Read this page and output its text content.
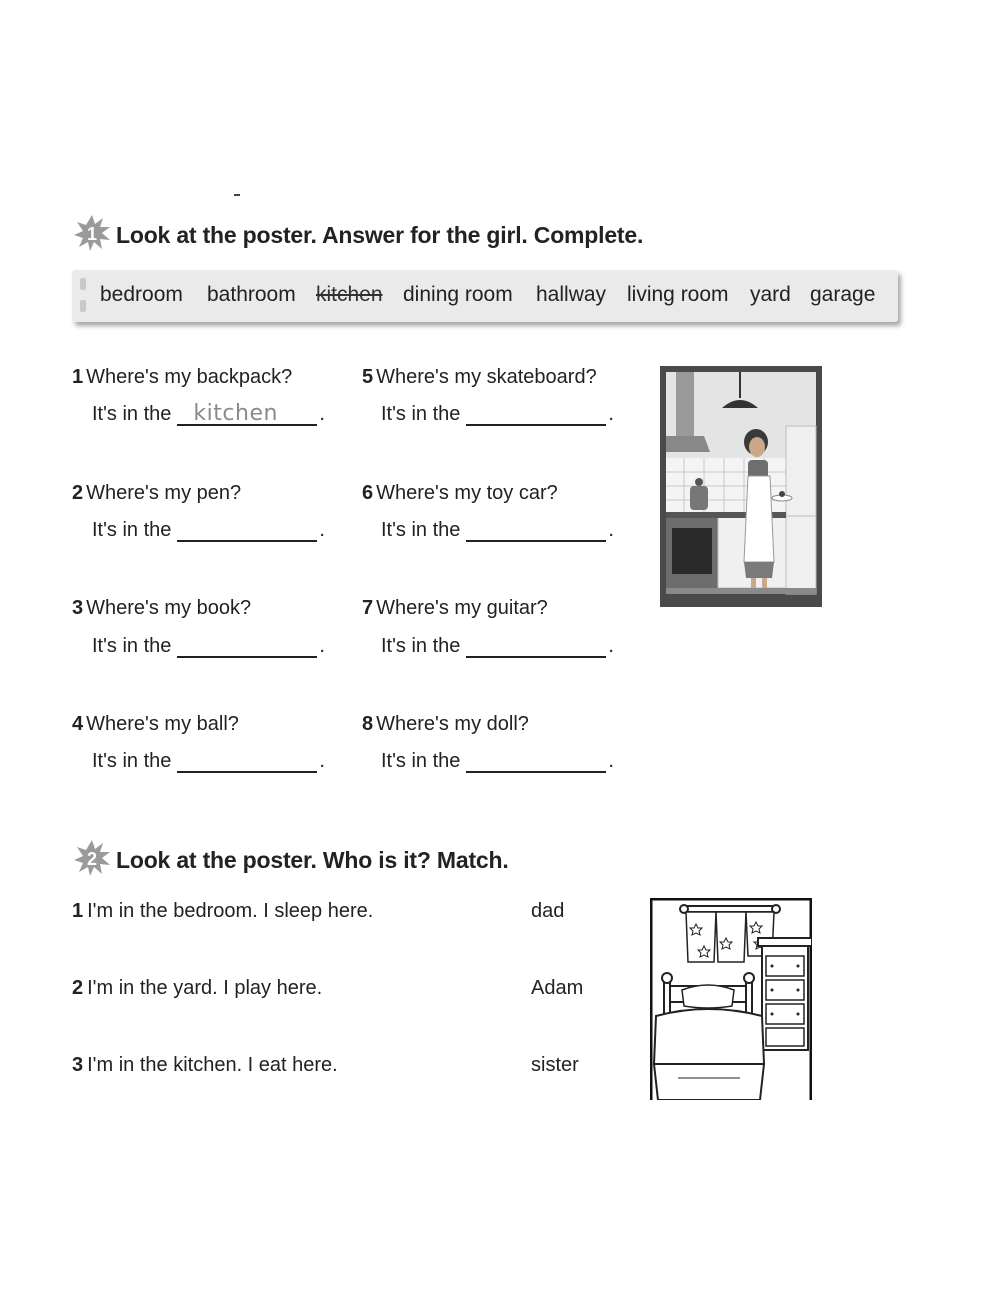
1 Look at the poster. Answer for the girl. Complete.
bedroom bathroom kitchen dining room hallway living room yard garage
1 Where's my backpack?
It's in the kitchen .
2 Where's my pen?
It's in the	.
3 Where's my book?
It's in the	.
4 Where's my ball?
It's in the	.
5 Where's my skateboard?
It's in the	.
6 Where's my toy car?
It's in the	.
7 Where's my guitar?
It's in the	.
8 Where's my doll?
It's in the	.
2 Look at the poster. Who is it? Match.
1 I'm in the bedroom. I sleep here.
2 I'm in the yard. I play here.
3 I'm in the kitchen. I eat here.
dad
Adam
sister
